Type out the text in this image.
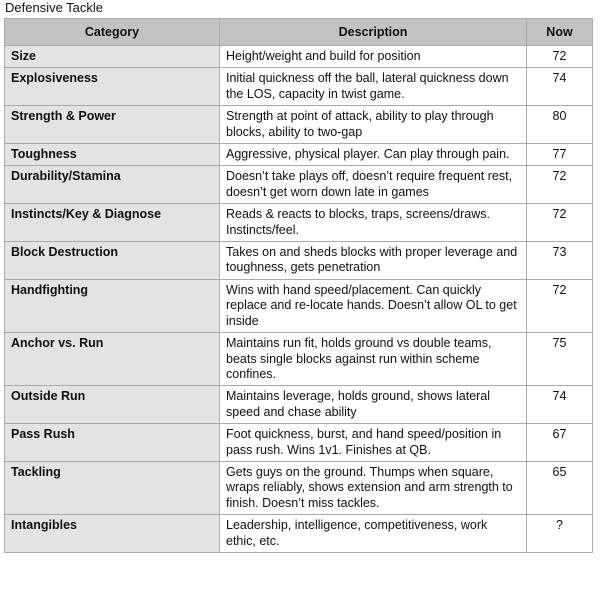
Defensive Tackle
Category	Description	Now
Size	Height/weight and build for position	72
Explosiveness	Initial quickness off the ball, lateral quickness down the LOS, capacity in twist game.	74
Strength & Power	Strength at point of attack, ability to play through blocks, ability to two-gap	80
Toughness	Aggressive, physical player. Can play through pain.	77
Durability/Stamina	Doesn’t take plays off, doesn’t require frequent rest, doesn’t get worn down late in games	72
Instincts/Key & Diagnose	Reads & reacts to blocks, traps, screens/draws. Instincts/feel.	72
Block Destruction	Takes on and sheds blocks with proper leverage and toughness, gets penetration	73
Handfighting	Wins with hand speed/placement. Can quickly replace and re-locate hands. Doesn’t allow OL to get inside	72
Anchor vs. Run	Maintains run fit, holds ground vs double teams, beats single blocks against run within scheme confines.	75
Outside Run	Maintains leverage, holds ground, shows lateral speed and chase ability	74
Pass Rush	Foot quickness, burst, and hand speed/position in pass rush. Wins 1v1. Finishes at QB.	67
Tackling	Gets guys on the ground. Thumps when square, wraps reliably, shows extension and arm strength to finish. Doesn’t miss tackles.	65
Intangibles	Leadership, intelligence, competitiveness, work ethic, etc.	?
